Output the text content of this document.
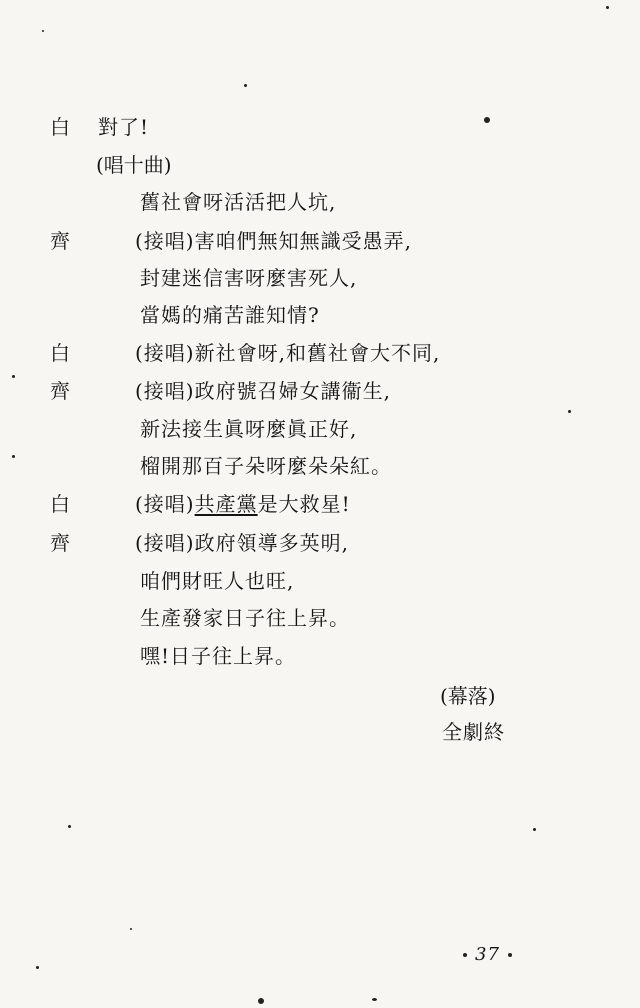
白 對了!
(唱十曲)
舊社會呀活活把人坑,
齊	(接唱)害咱們無知無識受愚弄,
封建迷信害呀麼害死人,
當媽的痛苦誰知情?
白	(接唱)新社會呀,和舊社會大不同,
齊	(接唱)政府號召婦女講衞生,
新法接生眞呀麼眞正好,
榴開那百子朵呀麼朵朵紅。
白	(接唱)共產黨是大救星!
齊	(接唱)政府領導多英明,
咱們財旺人也旺,
生產發家日子往上昇。
嘿!日子往上昇。
(幕落)
全劇終
37
